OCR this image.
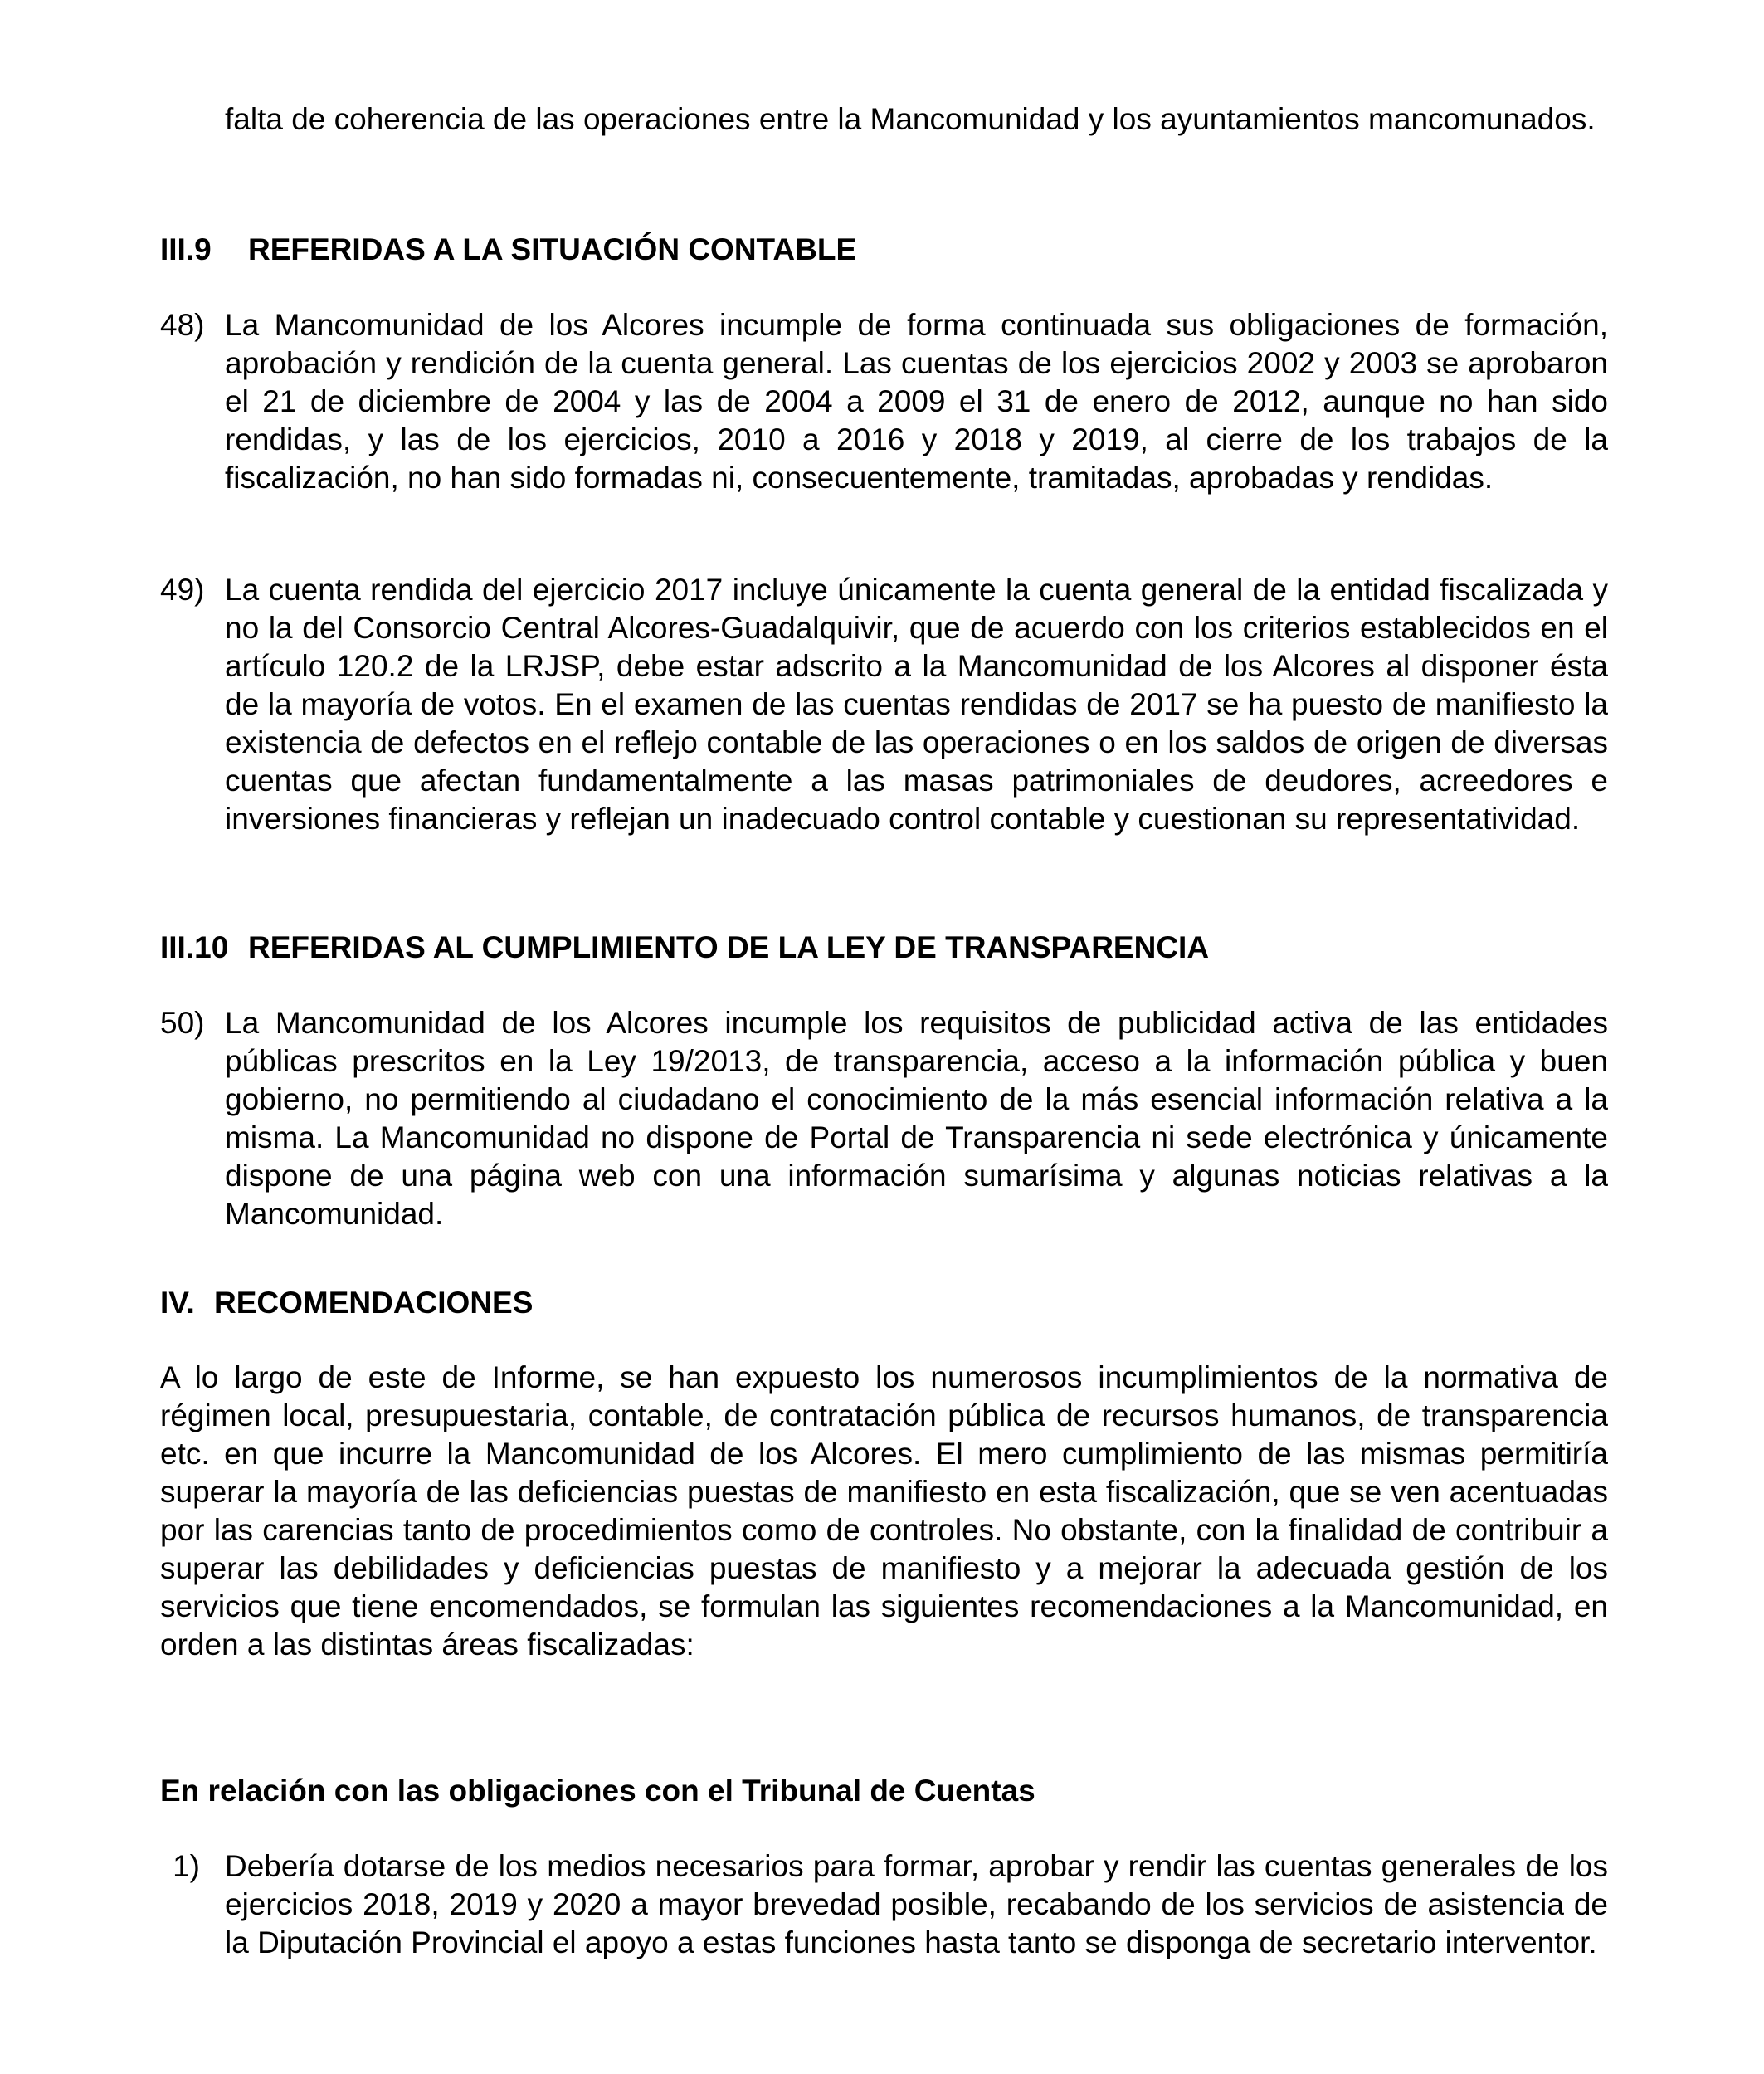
falta de coherencia de las operaciones entre la Mancomunidad y los ayuntamientos mancomunados.

III.9 REFERIDAS A LA SITUACIÓN CONTABLE
48) La Mancomunidad de los Alcores incumple de forma continuada sus obligaciones de formación, aprobación y rendición de la cuenta general. Las cuentas de los ejercicios 2002 y 2003 se aprobaron el 21 de diciembre de 2004 y las de 2004 a 2009 el 31 de enero de 2012, aunque no han sido rendidas, y las de los ejercicios, 2010 a 2016 y 2018 y 2019, al cierre de los trabajos de la fiscalización, no han sido formadas ni, consecuentemente, tramitadas, aprobadas y rendidas.
49) La cuenta rendida del ejercicio 2017 incluye únicamente la cuenta general de la entidad fiscalizada y no la del Consorcio Central Alcores-Guadalquivir, que de acuerdo con los criterios establecidos en el artículo 120.2 de la LRJSP, debe estar adscrito a la Mancomunidad de los Alcores al disponer ésta de la mayoría de votos. En el examen de las cuentas rendidas de 2017 se ha puesto de manifiesto la existencia de defectos en el reflejo contable de las operaciones o en los saldos de origen de diversas cuentas que afectan fundamentalmente a las masas patrimoniales de deudores, acreedores e inversiones financieras y reflejan un inadecuado control contable y cuestionan su representatividad.
III.10 REFERIDAS AL CUMPLIMIENTO DE LA LEY DE TRANSPARENCIA
50) La Mancomunidad de los Alcores incumple los requisitos de publicidad activa de las entidades públicas prescritos en la Ley 19/2013, de transparencia, acceso a la información pública y buen gobierno, no permitiendo al ciudadano el conocimiento de la más esencial información relativa a la misma. La Mancomunidad no dispone de Portal de Transparencia ni sede electrónica y únicamente dispone de una página web con una información sumarísima y algunas noticias relativas a la Mancomunidad.
IV. RECOMENDACIONES

A lo largo de este de Informe, se han expuesto los numerosos incumplimientos de la normativa de régimen local, presupuestaria, contable, de contratación pública de recursos humanos, de transparencia etc. en que incurre la Mancomunidad de los Alcores. El mero cumplimiento de las mismas permitiría superar la mayoría de las deficiencias puestas de manifiesto en esta fiscalización, que se ven acentuadas por las carencias tanto de procedimientos como de controles. No obstante, con la finalidad de contribuir a superar las debilidades y deficiencias puestas de manifiesto y a mejorar la adecuada gestión de los servicios que tiene encomendados, se formulan las siguientes recomendaciones a la Mancomunidad, en orden a las distintas áreas fiscalizadas:

En relación con las obligaciones con el Tribunal de Cuentas
1) Debería dotarse de los medios necesarios para formar, aprobar y rendir las cuentas generales de los ejercicios 2018, 2019 y 2020 a mayor brevedad posible, recabando de los servicios de asistencia de la Diputación Provincial el apoyo a estas funciones hasta tanto se disponga de secretario interventor.
